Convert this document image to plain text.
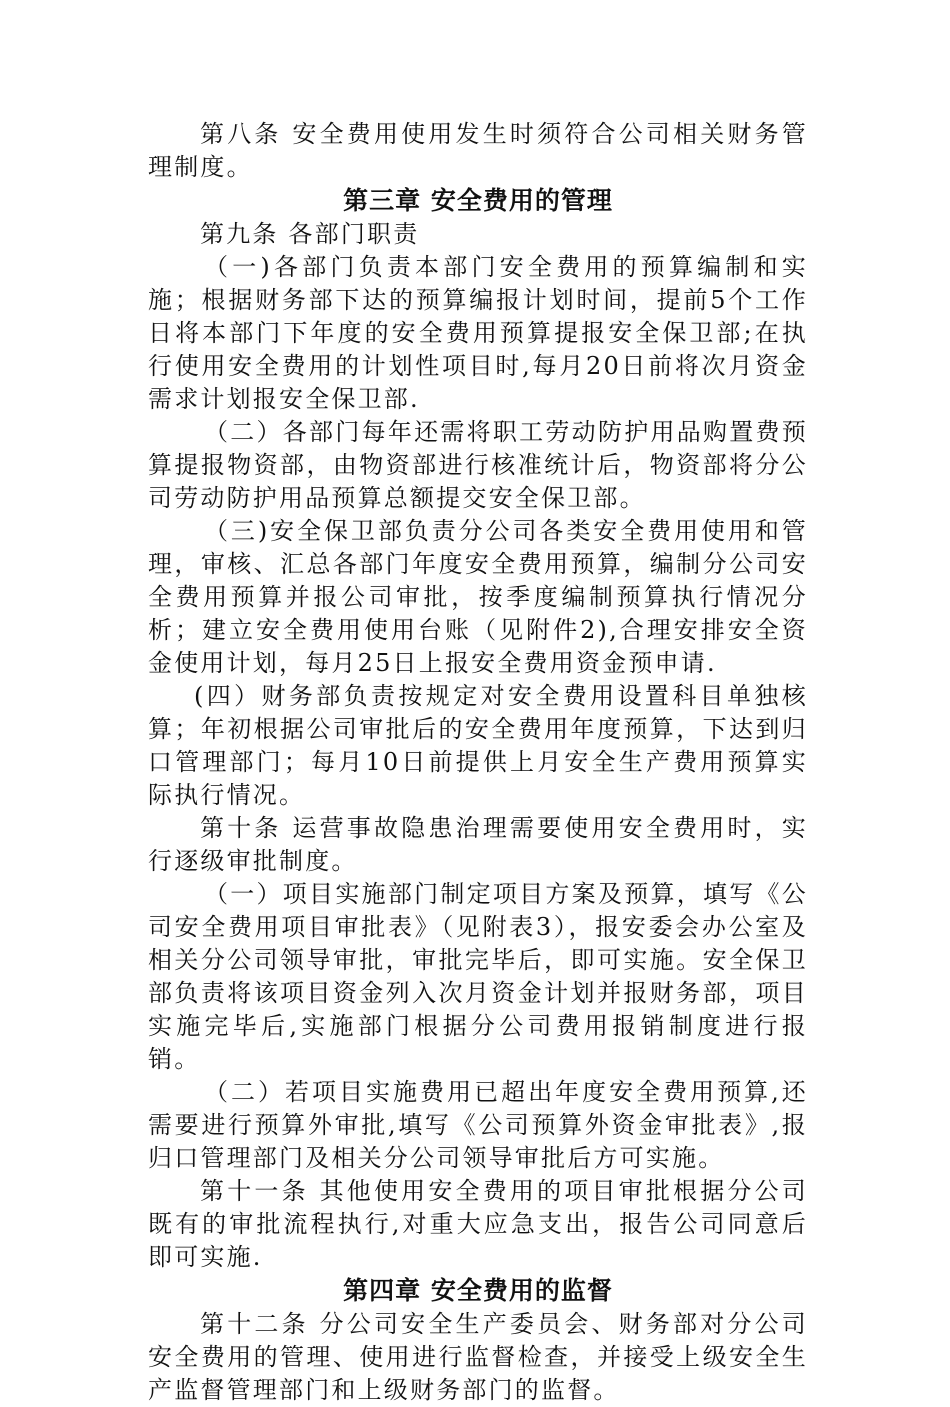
第八条 安全费用使用发生时须符合公司相关财务管理制度。

第三章 安全费用的管理

第九条 各部门职责

（一)各部门负责本部门安全费用的预算编制和实施；根据财务部下达的预算编报计划时间，提前5个工作日将本部门下年度的安全费用预算提报安全保卫部;在执行使用安全费用的计划性项目时,每月20日前将次月资金需求计划报安全保卫部.

（二）各部门每年还需将职工劳动防护用品购置费预算提报物资部，由物资部进行核准统计后，物资部将分公司劳动防护用品预算总额提交安全保卫部。

（三)安全保卫部负责分公司各类安全费用使用和管理，审核、汇总各部门年度安全费用预算，编制分公司安全费用预算并报公司审批，按季度编制预算执行情况分析；建立安全费用使用台账（见附件2),合理安排安全资金使用计划，每月25日上报安全费用资金预申请.

(四）财务部负责按规定对安全费用设置科目单独核算；年初根据公司审批后的安全费用年度预算，下达到归口管理部门；每月10日前提供上月安全生产费用预算实际执行情况。

第十条 运营事故隐患治理需要使用安全费用时，实行逐级审批制度。

（一）项目实施部门制定项目方案及预算，填写《公司安全费用项目审批表》（见附表3），报安委会办公室及相关分公司领导审批，审批完毕后，即可实施。安全保卫部负责将该项目资金列入次月资金计划并报财务部，项目实施完毕后,实施部门根据分公司费用报销制度进行报销。

（二）若项目实施费用已超出年度安全费用预算,还需要进行预算外审批,填写《公司预算外资金审批表》,报归口管理部门及相关分公司领导审批后方可实施。

第十一条 其他使用安全费用的项目审批根据分公司既有的审批流程执行,对重大应急支出，报告公司同意后即可实施.

第四章 安全费用的监督

第十二条 分公司安全生产委员会、财务部对分公司安全费用的管理、使用进行监督检查，并接受上级安全生产监督管理部门和上级财务部门的监督。
